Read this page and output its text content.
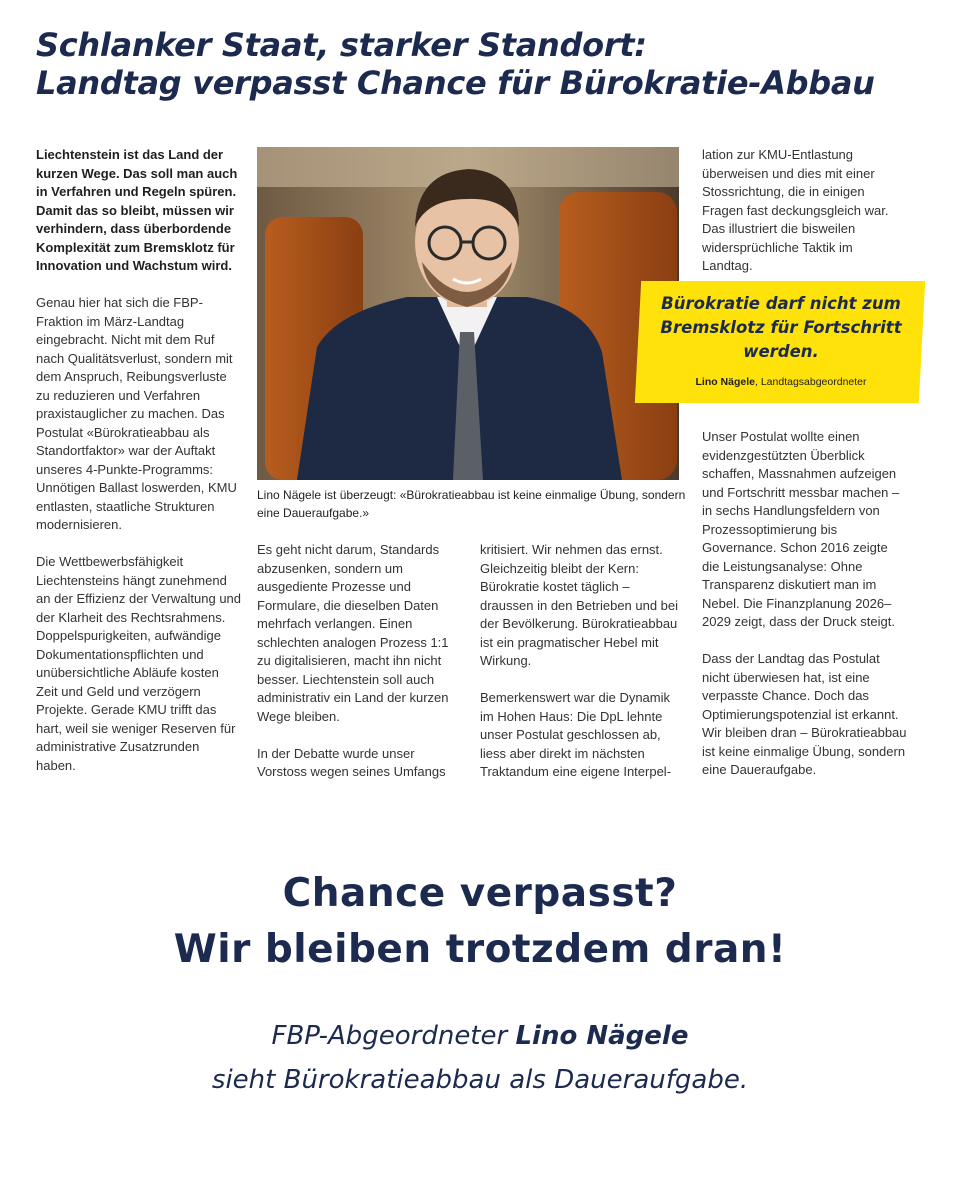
Schlanker Staat, starker Standort:
Landtag verpasst Chance für Bürokratie-Abbau

Liechtenstein ist das Land der kurzen Wege. Das soll man auch in Verfahren und Regeln spüren. Damit das so bleibt, müssen wir verhindern, dass überbordende Komplexität zum Bremsklotz für Innovation und Wachstum wird.

Genau hier hat sich die FBP-Fraktion im März-Landtag eingebracht. Nicht mit dem Ruf nach Qualitätsverlust, sondern mit dem Anspruch, Reibungsverluste zu reduzieren und Verfahren praxistauglicher zu machen. Das Postulat «Bürokratieabbau als Standortfaktor» war der Auftakt unseres 4-Punkte-Programms: Unnötigen Ballast loswerden, KMU entlasten, staatliche Strukturen modernisieren.

Die Wettbewerbsfähigkeit Liechtensteins hängt zunehmend an der Effizienz der Verwaltung und der Klarheit des Rechtsrahmens. Doppelspurigkeiten, aufwändige Dokumentationspflichten und unübersichtliche Abläufe kosten Zeit und Geld und verzögern Projekte. Gerade KMU trifft das hart, weil sie weniger Reserven für administrative Zusatzrunden haben.

Lino Nägele ist überzeugt: «Bürokratieabbau ist keine einmalige Übung, sondern eine Daueraufgabe.»

Es geht nicht darum, Standards abzusenken, sondern um ausgediente Prozesse und Formulare, die dieselben Daten mehrfach verlangen. Einen schlechten analogen Prozess 1:1 zu digitalisieren, macht ihn nicht besser. Liechtenstein soll auch administrativ ein Land der kurzen Wege bleiben.

In der Debatte wurde unser Vorstoss wegen seines Umfangs

kritisiert. Wir nehmen das ernst. Gleichzeitig bleibt der Kern: Bürokratie kostet täglich – draussen in den Betrieben und bei der Bevölkerung. Bürokratieabbau ist ein pragmatischer Hebel mit Wirkung.

Bemerkenswert war die Dynamik im Hohen Haus: Die DpL lehnte unser Postulat geschlossen ab, liess aber direkt im nächsten Traktandum eine eigene Interpel-

lation zur KMU-Entlastung überweisen und dies mit einer Stossrichtung, die in einigen Fragen fast deckungsgleich war. Das illustriert die bisweilen widersprüchliche Taktik im Landtag.

Bürokratie darf nicht zum Bremsklotz für Fortschritt werden.
Lino Nägele, Landtagsabgeordneter

Unser Postulat wollte einen evidenzgestützten Überblick schaffen, Massnahmen aufzeigen und Fortschritt messbar machen – in sechs Handlungsfeldern von Prozessoptimierung bis Governance. Schon 2016 zeigte die Leistungsanalyse: Ohne Transparenz diskutiert man im Nebel. Die Finanzplanung 2026–2029 zeigt, dass der Druck steigt.

Dass der Landtag das Postulat nicht überwiesen hat, ist eine verpasste Chance. Doch das Optimierungspotenzial ist erkannt. Wir bleiben dran – Bürokratieabbau ist keine einmalige Übung, sondern eine Daueraufgabe.

Chance verpasst?
Wir bleiben trotzdem dran!
FBP-Abgeordneter Lino Nägele
sieht Bürokratieabbau als Daueraufgabe.
